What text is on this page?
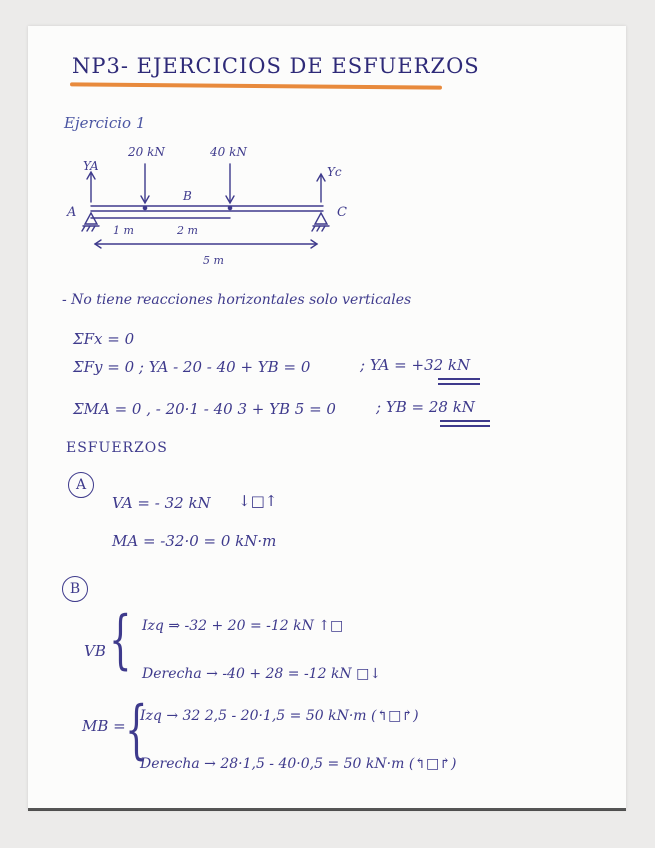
NP3- EJERCICIOS DE ESFUERZOS
Ejercicio 1
20 kN	40 kN
YA	Yc
A
B
C
1 m	2 m
5 m
- No tiene reacciones horizontales solo verticales
ΣFx = 0
ΣFy = 0 ; YA - 20 - 40 + YB = 0	; YA = +32 kN
ΣMA = 0 , - 20·1 - 40 3 + YB 5 = 0	; YB = 28 kN
ESFUERZOS
A
VA = - 32 kN ↓□↑
MA = -32·0 = 0 kN·m
B
VB { Izq ⇒ -32 + 20 = -12 kN ↑□
Derecha → -40 + 28 = -12 kN □↓
MB = {
Izq → 32 2,5 - 20·1,5 = 50 kN·m (↰□↱)
Derecha → 28·1,5 - 40·0,5 = 50 kN·m (↰□↱)
